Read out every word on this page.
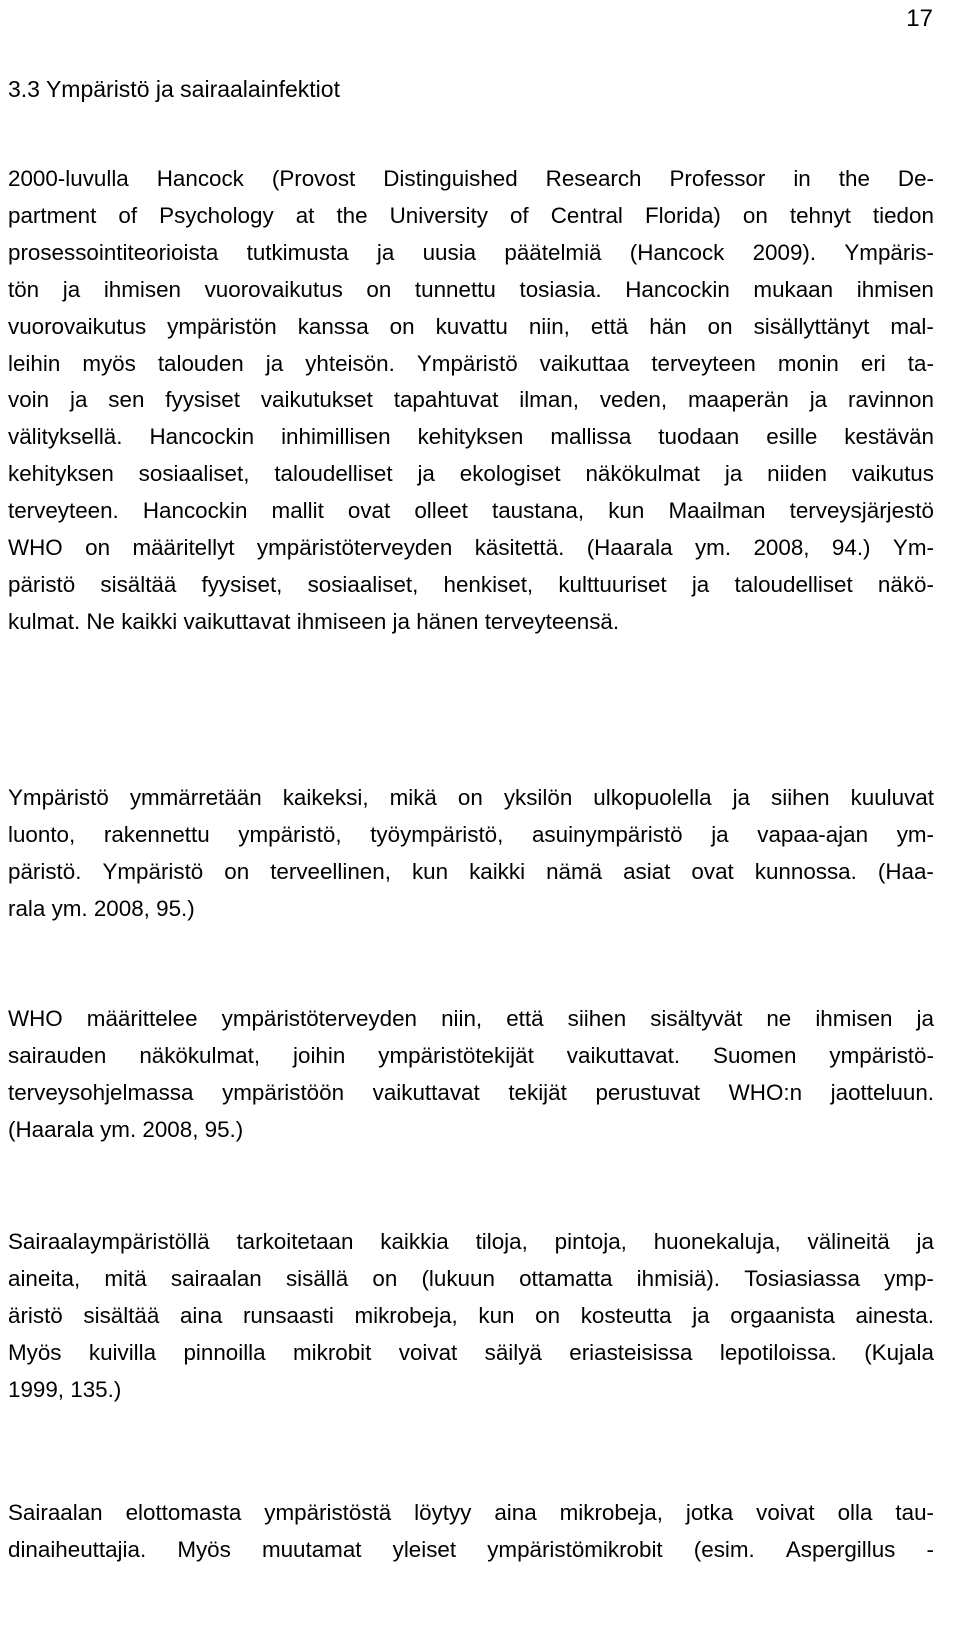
17
3.3 Ympäristö ja sairaalainfektiot
2000-luvulla Hancock (Provost Distinguished Research Professor in the De-
partment of Psychology at the University of Central Florida) on tehnyt tiedon
prosessointiteorioista tutkimusta ja uusia päätelmiä (Hancock 2009). Ympäris-
tön ja ihmisen vuorovaikutus on tunnettu tosiasia. Hancockin mukaan ihmisen
vuorovaikutus ympäristön kanssa on kuvattu niin, että hän on sisällyttänyt mal-
leihin myös talouden ja yhteisön. Ympäristö vaikuttaa terveyteen monin eri ta-
voin ja sen fyysiset vaikutukset tapahtuvat ilman, veden, maaperän ja ravinnon
välityksellä. Hancockin inhimillisen kehityksen mallissa tuodaan esille kestävän
kehityksen sosiaaliset, taloudelliset ja ekologiset näkökulmat ja niiden vaikutus
terveyteen. Hancockin mallit ovat olleet taustana, kun Maailman terveysjärjestö
WHO on määritellyt ympäristöterveyden käsitettä. (Haarala ym. 2008, 94.) Ym-
päristö sisältää fyysiset, sosiaaliset, henkiset, kulttuuriset ja taloudelliset näkö-
kulmat. Ne kaikki vaikuttavat ihmiseen ja hänen terveyteensä.
Ympäristö ymmärretään kaikeksi, mikä on yksilön ulkopuolella ja siihen kuuluvat
luonto, rakennettu ympäristö, työympäristö, asuinympäristö ja vapaa-ajan ym-
päristö. Ympäristö on terveellinen, kun kaikki nämä asiat ovat kunnossa. (Haa-
rala ym. 2008, 95.)
WHO määrittelee ympäristöterveyden niin, että siihen sisältyvät ne ihmisen ja
sairauden näkökulmat, joihin ympäristötekijät vaikuttavat. Suomen ympäristö-
terveysohjelmassa ympäristöön vaikuttavat tekijät perustuvat WHO:n jaotteluun.
(Haarala ym. 2008, 95.)
Sairaalaympäristöllä tarkoitetaan kaikkia tiloja, pintoja, huonekaluja, välineitä ja
aineita, mitä sairaalan sisällä on (lukuun ottamatta ihmisiä). Tosiasiassa ymp-
äristö sisältää aina runsaasti mikrobeja, kun on kosteutta ja orgaanista ainesta.
Myös kuivilla pinnoilla mikrobit voivat säilyä eriasteisissa lepotiloissa. (Kujala
1999, 135.)
Sairaalan elottomasta ympäristöstä löytyy aina mikrobeja, jotka voivat olla tau-
dinaiheuttajia. Myös muutamat yleiset ympäristömikrobit (esim. Aspergillus -
